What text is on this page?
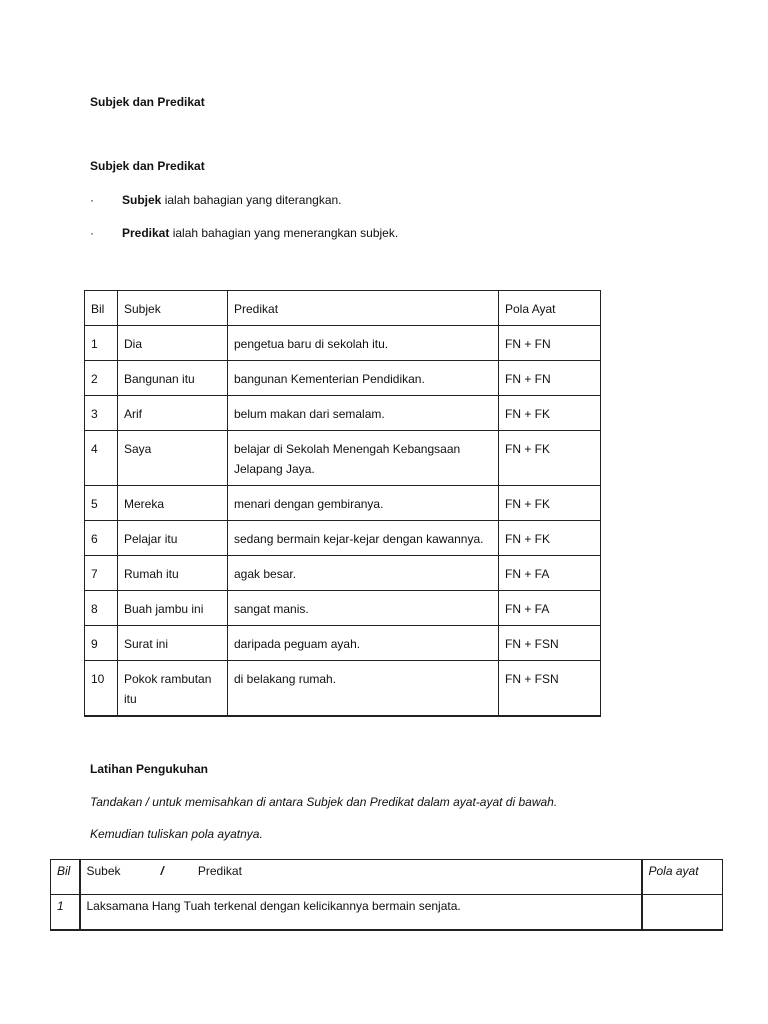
Subjek dan Predikat
Subjek dan Predikat
· Subjek ialah bahagian yang diterangkan.
· Predikat ialah bahagian yang menerangkan subjek.
Bil	Subjek	Predikat	Pola Ayat
1	Dia	pengetua baru di sekolah itu.	FN + FN
2	Bangunan itu	bangunan Kementerian Pendidikan.	FN + FN
3	Arif	belum makan dari semalam.	FN + FK
4	Saya	belajar di Sekolah Menengah Kebangsaan Jelapang Jaya.	FN + FK
5	Mereka	menari dengan gembiranya.	FN + FK
6	Pelajar itu	sedang bermain kejar-kejar dengan kawannya.	FN + FK
7	Rumah itu	agak besar.	FN + FA
8	Buah jambu ini	sangat manis.	FN + FA
9	Surat ini	daripada peguam ayah.	FN + FSN
10	Pokok rambutan itu	di belakang rumah.	FN + FSN
Latihan Pengukuhan
Tandakan / untuk memisahkan di antara Subjek dan Predikat dalam ayat-ayat di bawah.
Kemudian tuliskan pola ayatnya.
Bil	Subek / Predikat	Pola ayat
1	Laksamana Hang Tuah terkenal dengan kelicikannya bermain senjata.	
